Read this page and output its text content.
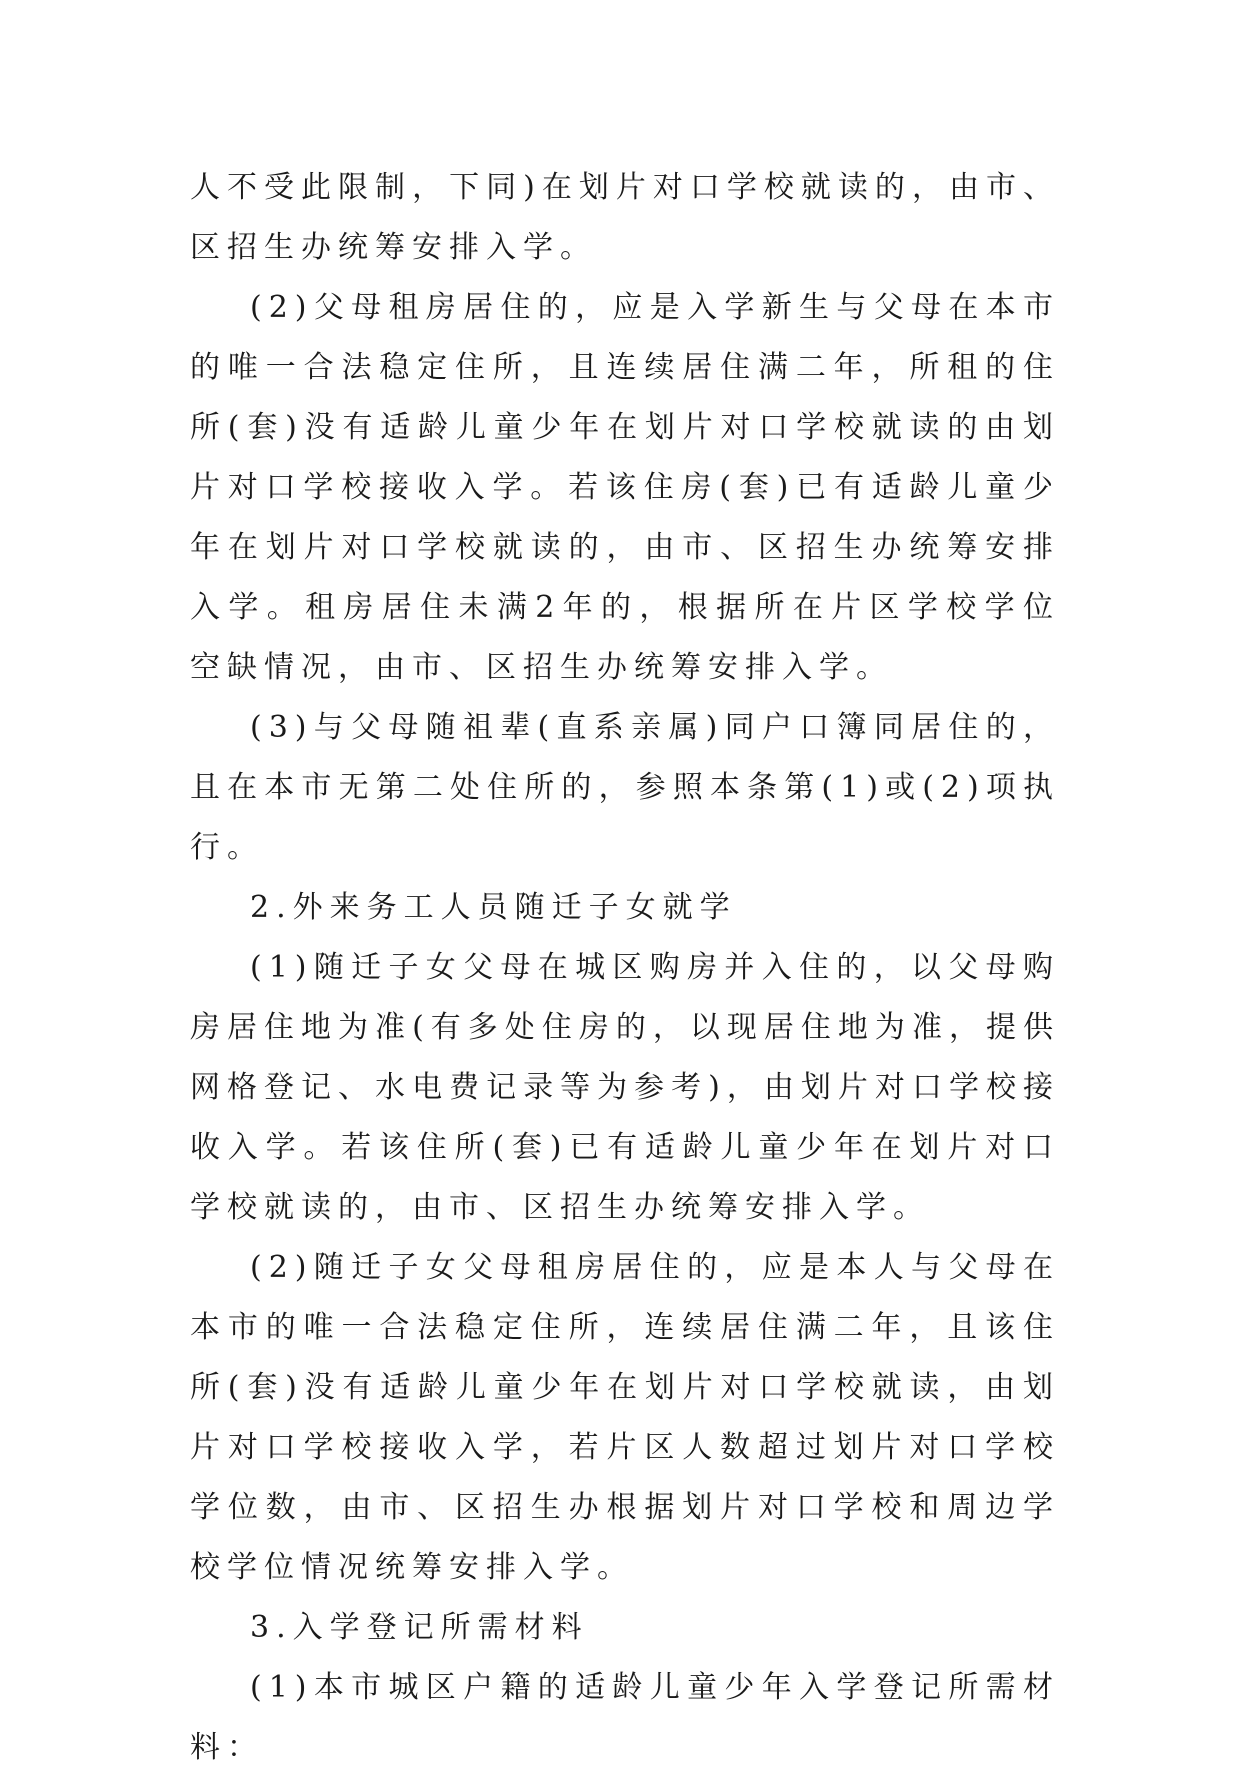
人不受此限制，下同)在划片对口学校就读的，由市、区招生办统筹安排入学。

(2)父母租房居住的，应是入学新生与父母在本市的唯一合法稳定住所，且连续居住满二年，所租的住所(套)没有适龄儿童少年在划片对口学校就读的由划片对口学校接收入学。若该住房(套)已有适龄儿童少年在划片对口学校就读的，由市、区招生办统筹安排入学。租房居住未满2年的，根据所在片区学校学位空缺情况，由市、区招生办统筹安排入学。

(3)与父母随祖辈(直系亲属)同户口簿同居住的，且在本市无第二处住所的，参照本条第(1)或(2)项执行。

2.外来务工人员随迁子女就学

(1)随迁子女父母在城区购房并入住的，以父母购房居住地为准(有多处住房的，以现居住地为准，提供网格登记、水电费记录等为参考)，由划片对口学校接收入学。若该住所(套)已有适龄儿童少年在划片对口学校就读的，由市、区招生办统筹安排入学。

(2)随迁子女父母租房居住的，应是本人与父母在本市的唯一合法稳定住所，连续居住满二年，且该住所(套)没有适龄儿童少年在划片对口学校就读，由划片对口学校接收入学，若片区人数超过划片对口学校学位数，由市、区招生办根据划片对口学校和周边学校学位情况统筹安排入学。

3.入学登记所需材料

(1)本市城区户籍的适龄儿童少年入学登记所需材料：
